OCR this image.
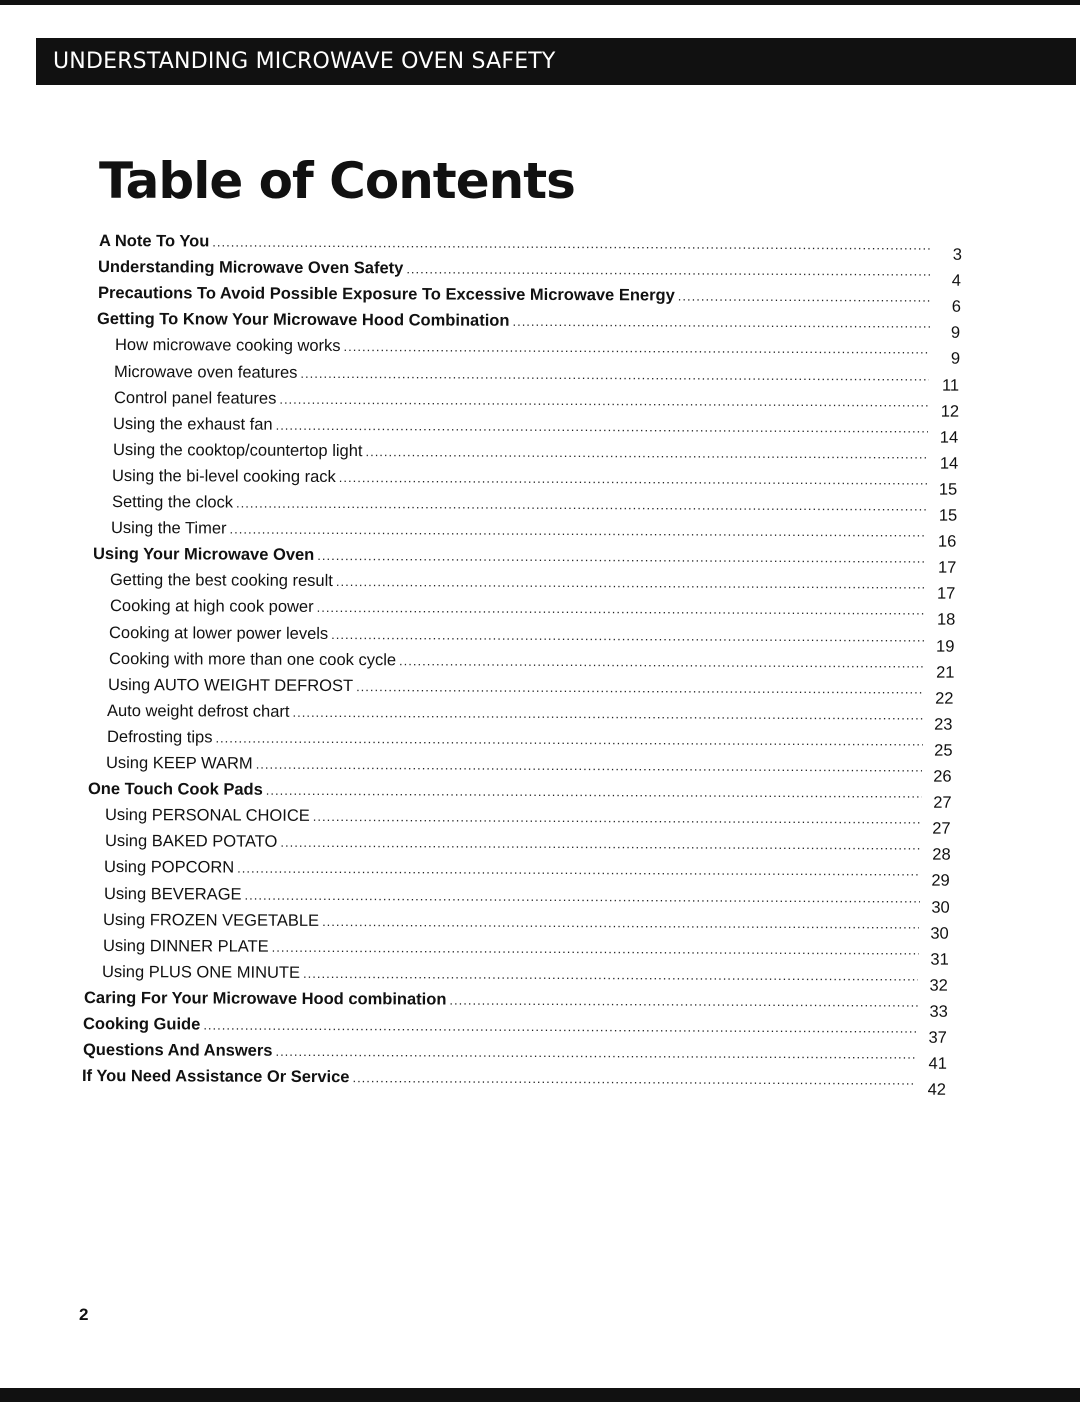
UNDERSTANDING MICROWAVE OVEN SAFETY
Table of Contents
A Note To You
.....
3
Understanding Microwave Oven Safety
.....
4
Precautions To Avoid Possible Exposure To Excessive Microwave Energy
.....
6
Getting To Know Your Microwave Hood Combination
.....
9
How microwave cooking works
.....
9
Microwave oven features
.....
11
Control panel features
.....
12
Using the exhaust fan
.....
14
Using the cooktop/countertop light
.....
14
Using the bi-level cooking rack
.....
15
Setting the clock
.....
15
Using the Timer
.....
16
Using Your Microwave Oven
.....
17
Getting the best cooking result
.....
17
Cooking at high cook power
.....
18
Cooking at lower power levels
.....
19
Cooking with more than one cook cycle
.....
21
Using AUTO WEIGHT DEFROST
.....
22
Auto weight defrost chart
.....
23
Defrosting tips
.....
25
Using KEEP WARM
.....
26
One Touch Cook Pads
.....
27
Using PERSONAL CHOICE
.....
27
Using BAKED POTATO
.....
28
Using POPCORN
.....
29
Using BEVERAGE
.....
30
Using FROZEN VEGETABLE
.....
30
Using DINNER PLATE
.....
31
Using PLUS ONE MINUTE
.....
32
Caring For Your Microwave Hood combination
.....
33
Cooking Guide
.....
37
Questions And Answers
.....
41
If You Need Assistance Or Service
.....
42
2
